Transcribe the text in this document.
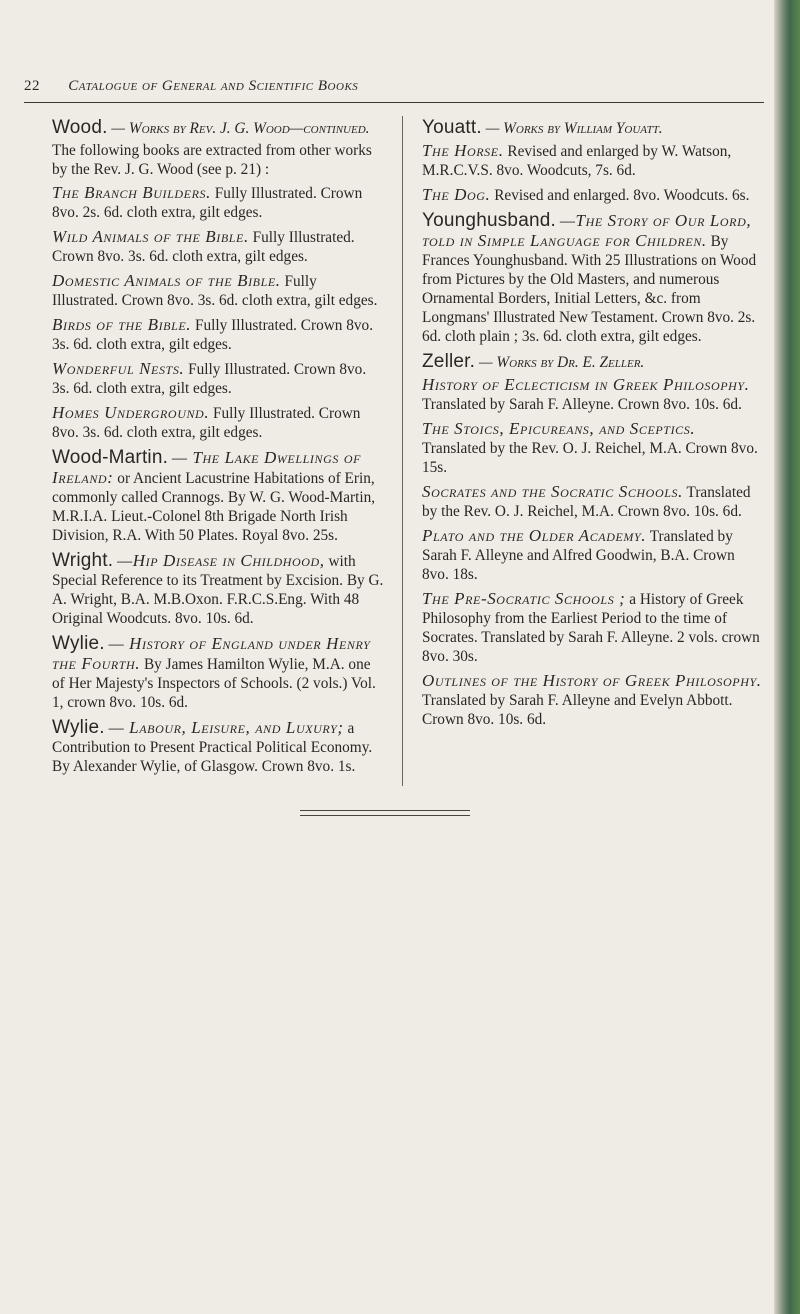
22 Catalogue of General and Scientific Books
Wood. — Works by Rev. J. G. Wood—continued.
The following books are extracted from other works by the Rev. J. G. Wood (see p. 21) :
The Branch Builders. Fully Illustrated. Crown 8vo. 2s. 6d. cloth extra, gilt edges.
Wild Animals of the Bible. Fully Illustrated. Crown 8vo. 3s. 6d. cloth extra, gilt edges.
Domestic Animals of the Bible. Fully Illustrated. Crown 8vo. 3s. 6d. cloth extra, gilt edges.
Birds of the Bible. Fully Illustrated. Crown 8vo. 3s. 6d. cloth extra, gilt edges.
Wonderful Nests. Fully Illustrated. Crown 8vo. 3s. 6d. cloth extra, gilt edges.
Homes Underground. Fully Illustrated. Crown 8vo. 3s. 6d. cloth extra, gilt edges.
Wood-Martin. — The Lake Dwellings of Ireland: or Ancient Lacustrine Habitations of Erin, commonly called Crannogs. By W. G. Wood-Martin, M.R.I.A. Lieut.-Colonel 8th Brigade North Irish Division, R.A. With 50 Plates. Royal 8vo. 25s.
Wright. —Hip Disease in Childhood, with Special Reference to its Treatment by Excision. By G. A. Wright, B.A. M.B.Oxon. F.R.C.S.Eng. With 48 Original Woodcuts. 8vo. 10s. 6d.
Wylie. — History of England under Henry the Fourth. By James Hamilton Wylie, M.A. one of Her Majesty's Inspectors of Schools. (2 vols.) Vol. 1, crown 8vo. 10s. 6d.
Wylie. — Labour, Leisure, and Luxury; a Contribution to Present Practical Political Economy. By Alexander Wylie, of Glasgow. Crown 8vo. 1s.
Youatt. — Works by William Youatt.
The Horse. Revised and enlarged by W. Watson, M.R.C.V.S. 8vo. Woodcuts, 7s. 6d.
The Dog. Revised and enlarged. 8vo. Woodcuts. 6s.
Younghusband. —The Story of Our Lord, told in Simple Language for Children. By Frances Younghusband. With 25 Illustrations on Wood from Pictures by the Old Masters, and numerous Ornamental Borders, Initial Letters, &c. from Longmans' Illustrated New Testament. Crown 8vo. 2s. 6d. cloth plain ; 3s. 6d. cloth extra, gilt edges.
Zeller. — Works by Dr. E. Zeller.
History of Eclecticism in Greek Philosophy. Translated by Sarah F. Alleyne. Crown 8vo. 10s. 6d.
The Stoics, Epicureans, and Sceptics. Translated by the Rev. O. J. Reichel, M.A. Crown 8vo. 15s.
Socrates and the Socratic Schools. Translated by the Rev. O. J. Reichel, M.A. Crown 8vo. 10s. 6d.
Plato and the Older Academy. Translated by Sarah F. Alleyne and Alfred Goodwin, B.A. Crown 8vo. 18s.
The Pre-Socratic Schools ; a History of Greek Philosophy from the Earliest Period to the time of Socrates. Translated by Sarah F. Alleyne. 2 vols. crown 8vo. 30s.
Outlines of the History of Greek Philosophy. Translated by Sarah F. Alleyne and Evelyn Abbott. Crown 8vo. 10s. 6d.
